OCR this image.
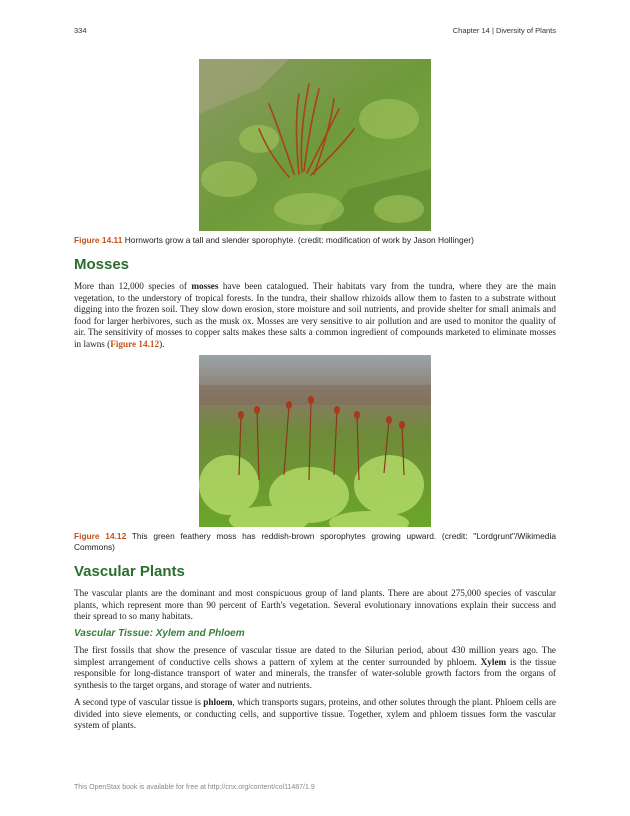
334	Chapter 14 | Diversity of Plants
Figure 14.11 Hornworts grow a tall and slender sporophyte. (credit: modification of work by Jason Hollinger)
Mosses

More than 12,000 species of mosses have been catalogued. Their habitats vary from the tundra, where they are the main vegetation, to the understory of tropical forests. In the tundra, their shallow rhizoids allow them to fasten to a substrate without digging into the frozen soil. They slow down erosion, store moisture and soil nutrients, and provide shelter for small animals and food for larger herbivores, such as the musk ox. Mosses are very sensitive to air pollution and are used to monitor the quality of air. The sensitivity of mosses to copper salts makes these salts a common ingredient of compounds marketed to eliminate mosses in lawns (Figure 14.12).

Figure 14.12 This green feathery moss has reddish-brown sporophytes growing upward. (credit: "Lordgrunt"/Wikimedia Commons)
Vascular Plants

The vascular plants are the dominant and most conspicuous group of land plants. There are about 275,000 species of vascular plants, which represent more than 90 percent of Earth's vegetation. Several evolutionary innovations explain their success and their spread to so many habitats.

Vascular Tissue: Xylem and Phloem

The first fossils that show the presence of vascular tissue are dated to the Silurian period, about 430 million years ago. The simplest arrangement of conductive cells shows a pattern of xylem at the center surrounded by phloem. Xylem is the tissue responsible for long-distance transport of water and minerals, the transfer of water-soluble growth factors from the organs of synthesis to the target organs, and storage of water and nutrients.

A second type of vascular tissue is phloem, which transports sugars, proteins, and other solutes through the plant. Phloem cells are divided into sieve elements, or conducting cells, and supportive tissue. Together, xylem and phloem tissues form the vascular system of plants.

This OpenStax book is available for free at http://cnx.org/content/col11487/1.9
